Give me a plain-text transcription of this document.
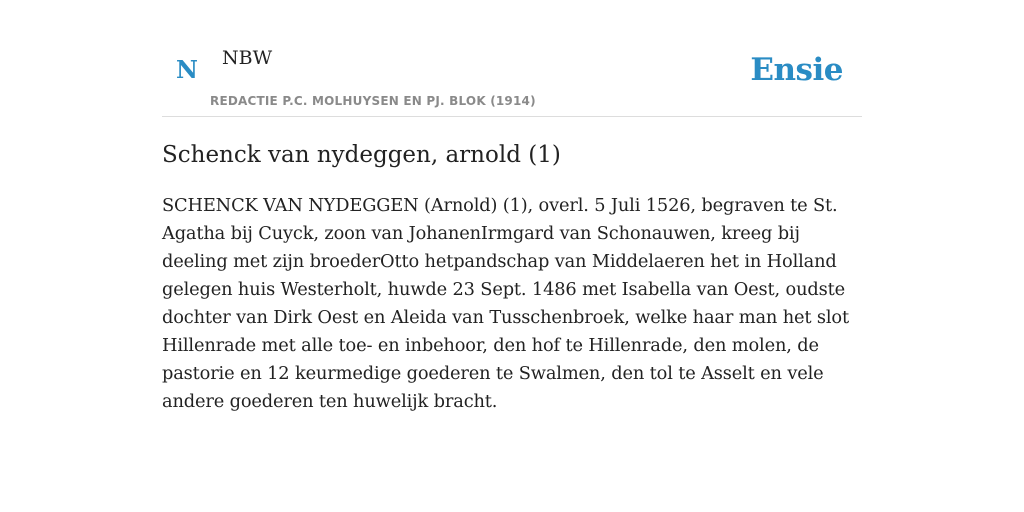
N NBW
REDACTIE P.C. MOLHUYSEN EN PJ. BLOK (1914)
Ensie
Schenck van nydeggen, arnold (1)

SCHENCK VAN NYDEGGEN (Arnold) (1), overl. 5 Juli 1526, begraven te St. Agatha bij Cuyck, zoon van JohanenIrmgard van Schonauwen, kreeg bij deeling met zijn broederOtto hetpandschap van Middelaeren het in Holland gelegen huis Westerholt, huwde 23 Sept. 1486 met Isabella van Oest, oudste dochter van Dirk Oest en Aleida van Tusschenbroek, welke haar man het slot Hillenrade met alle toe- en inbehoor, den hof te Hillenrade, den molen, de pastorie en 12 keurmedige goederen te Swalmen, den tol te Asselt en vele andere goederen ten huwelijk bracht.
